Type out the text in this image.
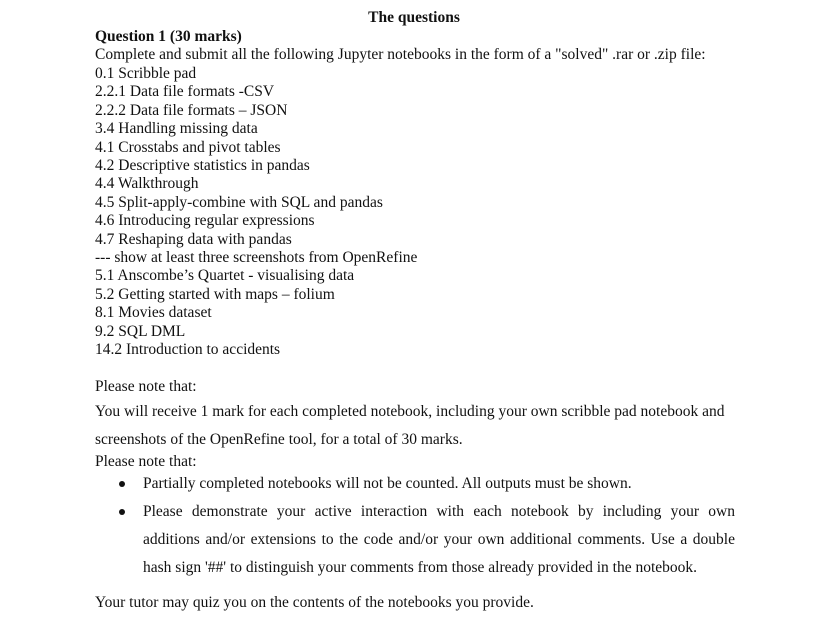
The questions
Question 1 (30 marks)
Complete and submit all the following Jupyter notebooks in the form of a "solved" .rar or .zip file:
0.1 Scribble pad
2.2.1 Data file formats -CSV
2.2.2 Data file formats – JSON
3.4 Handling missing data
4.1 Crosstabs and pivot tables
4.2 Descriptive statistics in pandas
4.4 Walkthrough
4.5 Split-apply-combine with SQL and pandas
4.6 Introducing regular expressions
4.7 Reshaping data with pandas
--- show at least three screenshots from OpenRefine
5.1 Anscombe’s Quartet - visualising data
5.2 Getting started with maps – folium
8.1 Movies dataset
9.2 SQL DML
14.2 Introduction to accidents
Please note that:
You will receive 1 mark for each completed notebook, including your own scribble pad notebook and screenshots of the OpenRefine tool, for a total of 30 marks.
Please note that:
Partially completed notebooks will not be counted. All outputs must be shown.
Please demonstrate your active interaction with each notebook by including your own additions and/or extensions to the code and/or your own additional comments. Use a double hash sign '##' to distinguish your comments from those already provided in the notebook.
Your tutor may quiz you on the contents of the notebooks you provide.
